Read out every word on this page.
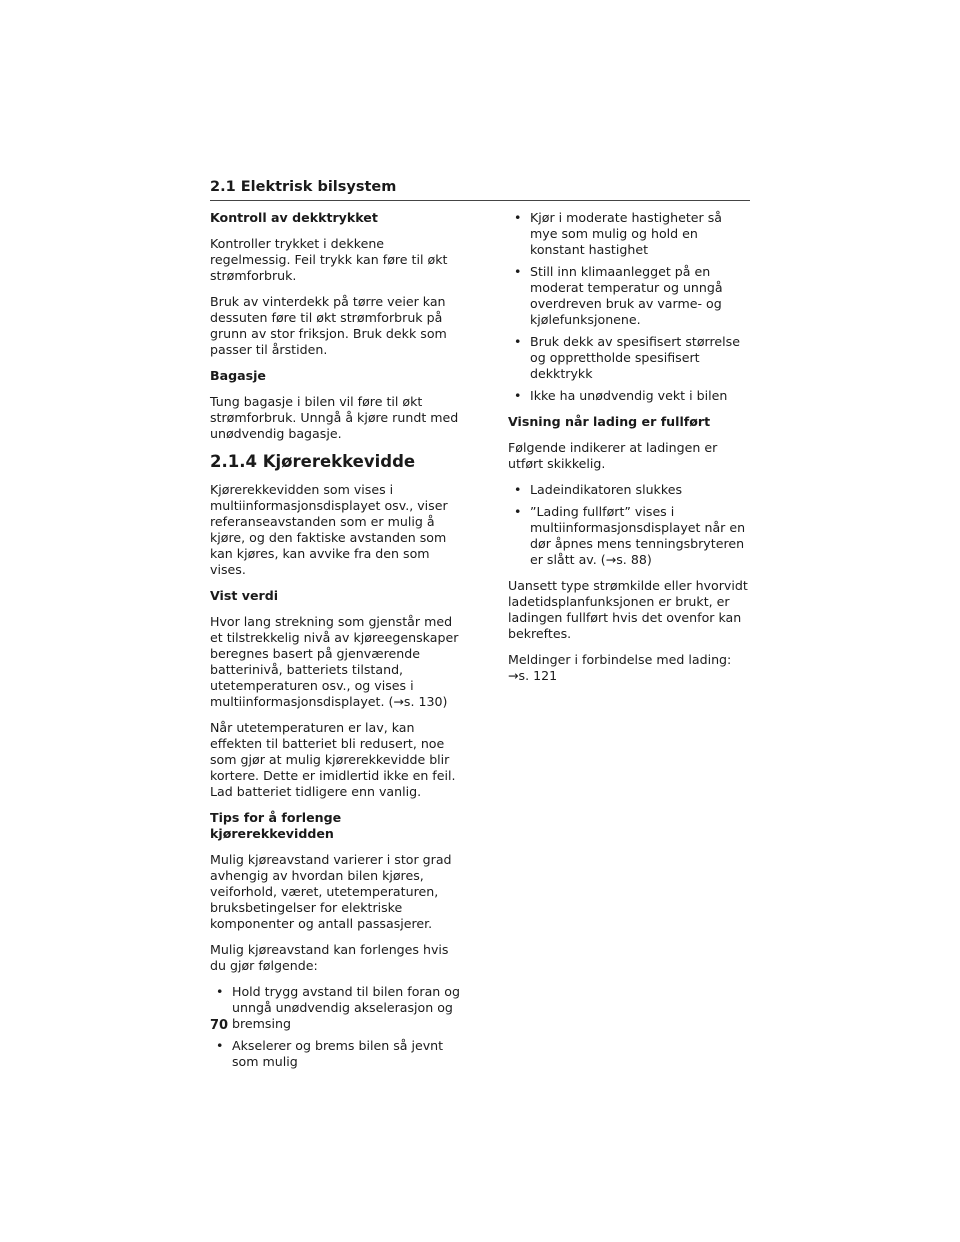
2.1 Elektrisk bilsystem
Kontroll av dekktrykket

Kontroller trykket i dekkene regelmessig. Feil trykk kan føre til økt strømforbruk.

Bruk av vinterdekk på tørre veier kan dessuten føre til økt strømforbruk på grunn av stor friksjon. Bruk dekk som passer til årstiden.

Bagasje

Tung bagasje i bilen vil føre til økt strømforbruk. Unngå å kjøre rundt med unødvendig bagasje.

2.1.4 Kjørerekkevidde

Kjørerekkevidden som vises i multiinformasjonsdisplayet osv., viser referanseavstanden som er mulig å kjøre, og den faktiske avstanden som kan kjøres, kan avvike fra den som vises.

Vist verdi

Hvor lang strekning som gjenstår med et tilstrekkelig nivå av kjøreegenskaper beregnes basert på gjenværende batterinivå, batteriets tilstand, utetemperaturen osv., og vises i multiinformasjonsdisplayet. (→s. 130)

Når utetemperaturen er lav, kan effekten til batteriet bli redusert, noe som gjør at mulig kjørerekkevidde blir kortere. Dette er imidlertid ikke en feil. Lad batteriet tidligere enn vanlig.

Tips for å forlenge kjørerekkevidden

Mulig kjøreavstand varierer i stor grad avhengig av hvordan bilen kjøres, veiforhold, været, utetemperaturen, bruksbetingelser for elektriske komponenter og antall passasjerer.

Mulig kjøreavstand kan forlenges hvis du gjør følgende:

• Hold trygg avstand til bilen foran og unngå unødvendig akselerasjon og bremsing
• Akselerer og brems bilen så jevnt som mulig
• Kjør i moderate hastigheter så mye som mulig og hold en konstant hastighet
• Still inn klimaanlegget på en moderat temperatur og unngå overdreven bruk av varme- og kjølefunksjonene.
• Bruk dekk av spesifisert størrelse og opprettholde spesifisert dekktrykk
• Ikke ha unødvendig vekt i bilen
Visning når lading er fullført

Følgende indikerer at ladingen er utført skikkelig.

• Ladeindikatoren slukkes
• ”Lading fullført” vises i multiinformasjonsdisplayet når en dør åpnes mens tenningsbryteren er slått av. (→s. 88)

Uansett type strømkilde eller hvorvidt ladetidsplanfunksjonen er brukt, er ladingen fullført hvis det ovenfor kan bekreftes.

Meldinger i forbindelse med lading: →s. 121

70
